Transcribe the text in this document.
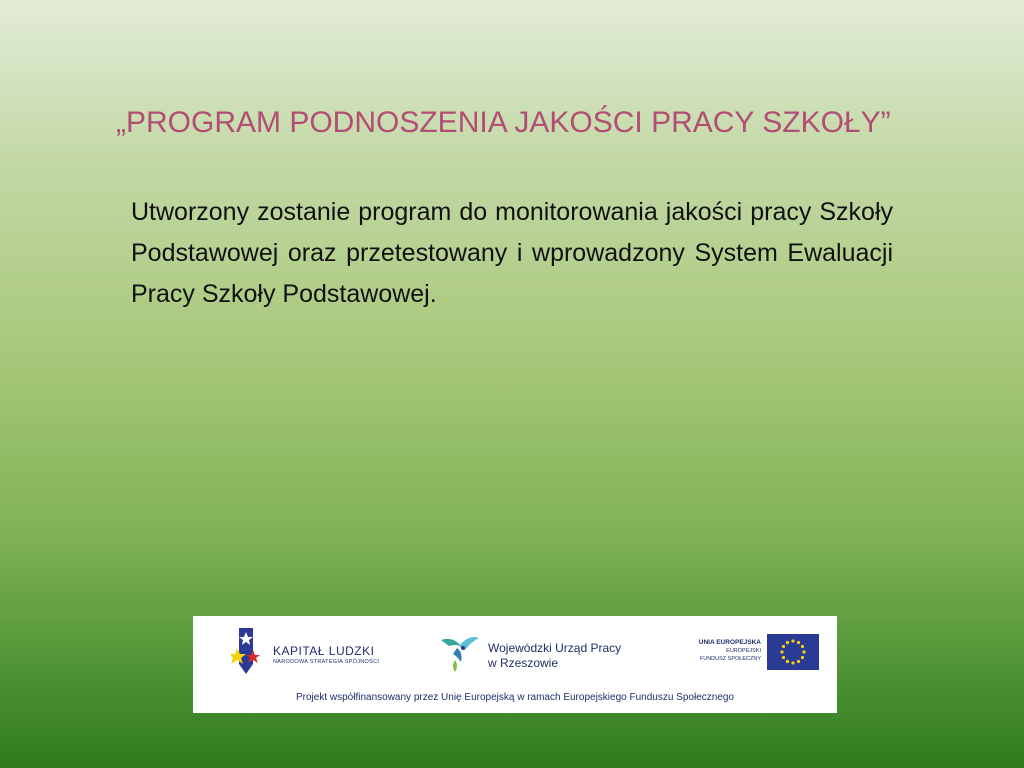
„PROGRAM PODNOSZENIA JAKOŚCI PRACY SZKOŁY”
Utworzony zostanie program do monitorowania jakości pracy Szkoły Podstawowej oraz przetestowany i wprowadzony System Ewaluacji Pracy Szkoły Podstawowej.
KAPITAŁ LUDZKI
NARODOWA STRATEGIA SPÓJNOŚCI
Wojewódzki Urząd Pracy
w Rzeszowie
UNIA EUROPEJSKA
EUROPEJSKI
FUNDUSZ SPOŁECZNY
Projekt współfinansowany przez Unię Europejską w ramach Europejskiego Funduszu Społecznego
